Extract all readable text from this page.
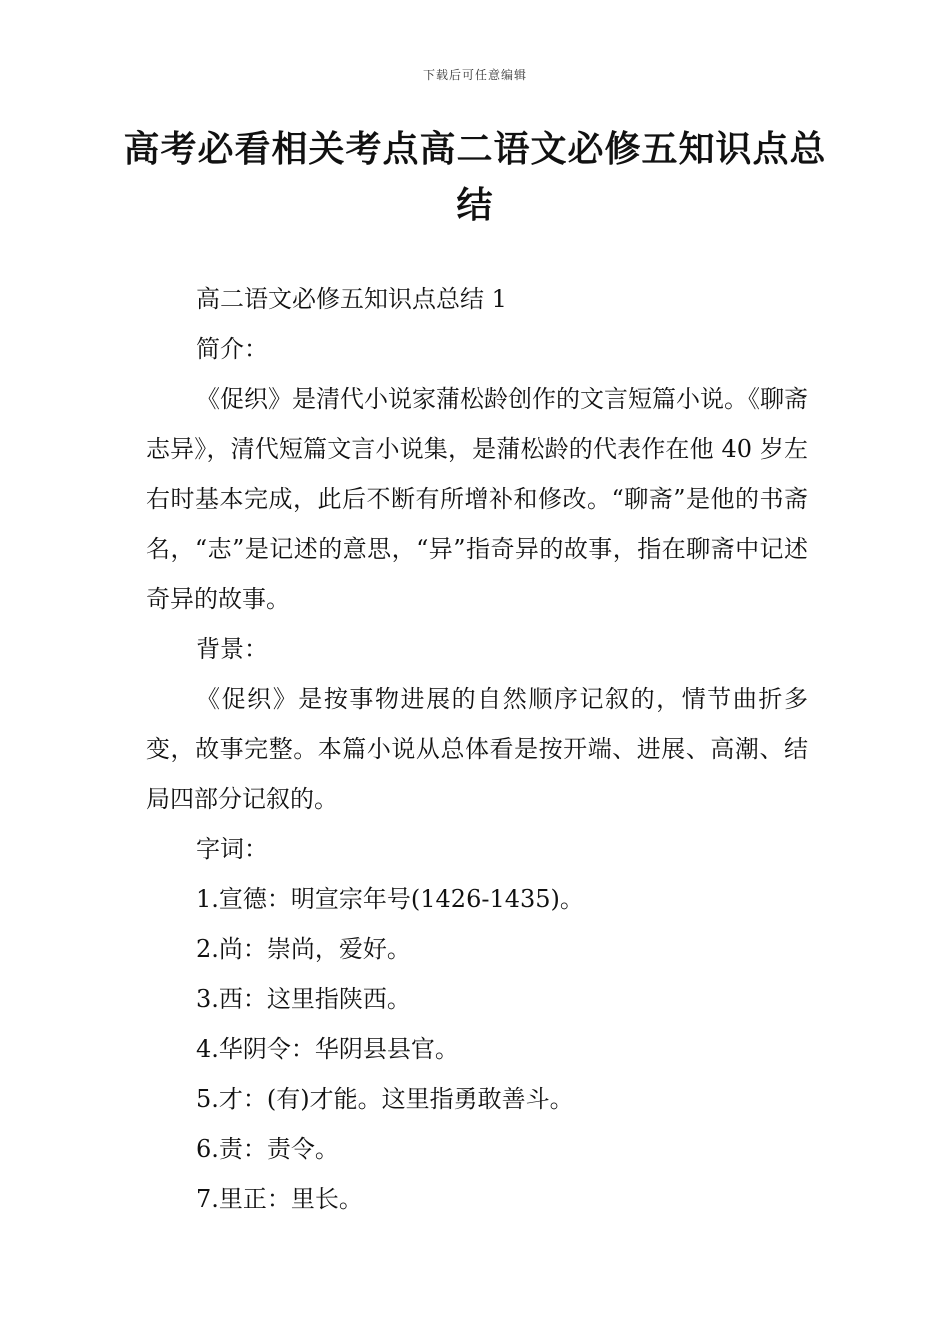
下载后可任意编辑
高考必看相关考点高二语文必修五知识点总结

高二语文必修五知识点总结 1

简介：

《促织》是清代小说家蒲松龄创作的文言短篇小说。《聊斋志异》，清代短篇文言小说集，是蒲松龄的代表作在他 40 岁左右时基本完成，此后不断有所增补和修改。“聊斋”是他的书斋名，“志”是记述的意思，“异”指奇异的故事，指在聊斋中记述奇异的故事。

背景：

《促织》是按事物进展的自然顺序记叙的，情节曲折多变，故事完整。本篇小说从总体看是按开端、进展、高潮、结局四部分记叙的。

字词：

1.宣德：明宣宗年号(1426-1435)。

2.尚：崇尚，爱好。

3.西：这里指陕西。

4.华阴令：华阴县县官。

5.才：(有)才能。这里指勇敢善斗。

6.责：责令。

7.里正：里长。
